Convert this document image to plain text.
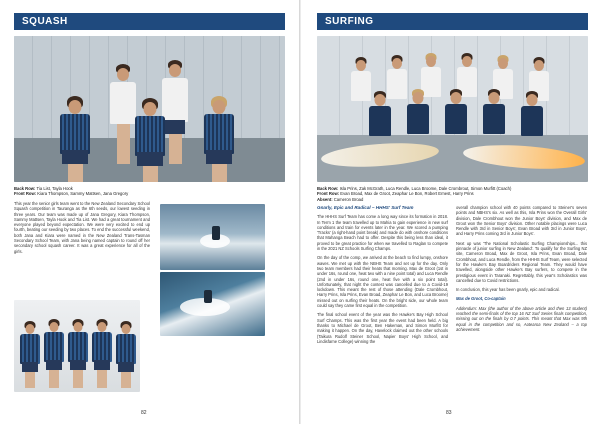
SQUASH
Back Row: Tia List, Tayla Hook
Front Row: Kiara Thompson, Sammy Mattsen, Jana Gregory

This year the senior girls team went to the New Zealand Secondary School Squash competition in Tauranga as the 6th seeds, our lowest seeding in three years. Our team was made up of Jana Gregory, Kiara Thompson, Sammy Mattsen, Tayla Hook and Tia List. We had a great tournament and everyone played beyond expectation. We were very excited to end up fourth, beating our seeding by two places. To end the successful weekend, both Jana and Kiara were named in the New Zealand Trans-Tasman Secondary School Team, with Jana being named captain to round off her secondary school squash career. It was a great experience for all of the girls.

82
SURFING
Back Row: Isla Prins, Zak McGrath, Luca Rendle, Luca Broome, Dale Crombrout, Simon Murfitt (Coach)
Front Row: Evan Broad, Max de Groot, Zeaphar Le Bon, Robert Ernest, Harry Prins
Absent: Cameron Broad

Gnarly, Epic and Radical – HHHS' Surf Team

The HHHS Surf Team has come a long way since its formation in 2018. In Term 1 the team travelled up to Mahia to gain experience in new surf conditions and train for events later in the year. We scored a pumping 'Tracks' (a right-hand point break) and made do with onshore conditions that Mahanga Beach had to offer. Despite this being less than ideal, it proved to be great practice for when we travelled to Raglan to compete in the 2021 NZ Schools Surfing Champs.

On the day of the comp, we arrived at the beach to find lumpy, onshore waves. We met up with the NBHS Team and set up for the day. Only two team members had their heats that morning. Max de Groot (1st in under 16s, round one, heat two with a nine point total) and Luca Rendle (2nd in under 16s, round one, heat five with a six point total). Unfortunately, that night the contest was cancelled due to a Covid-19 lockdown. This meant the rest of those attending (Dale Crombhout, Harry Prins, Isla Prins, Evan Broad, Zeaphar Le Bon, and Luca Broome) missed out on surfing their heats. On the bright side, our whole team could say they came first equal in the competition.

The final school event of the year was the Hawke's Bay High School Surf Champs. This was the first year the event had been held. A big thanks to Michael de Groot, Ben Hakeman, and Simon Murfitt for making it happen. On the day, Havelock claimed out the other schools (Taikura Rudolf Steiner School, Napier Boys' High School, and Lindisfarne College) winning the

overall champion school with 40 points compared to Steiner's seven points and NBHS's six. As well as this, Isla Prins won the Overall Girls' division, Dale Crombhout won the Junior Boys' division, and Max de Groot won the Senior Boys' division. Other notable placings were Luca Rendle with 3rd in Senior Boys', Evan Broad with 3rd in Junior Boys', and Harry Prins coming 3rd in Junior Boys'.

Next up was 'The National Scholastic Surfing Championships... this pinnacle of junior surfing in New Zealand'. To qualify for the Surfing NZ site, Cameron Broad, Max de Groot, Isla Prins, Evan Broad, Dale Crombhout, and Luca Rendle, from the HHHS Surf Team, were selected for the Hawke's Bay Boardriders Regional Team. They would have travelled, alongside other Hawke's Bay surfers, to compete in the prestigious event in Taranaki. Regrettably, this year's Scholastics was cancelled due to Covid restrictions.

In conclusion, this year has been gnarly, epic and radical.

Max de Groot, Co-captain

Addendum: Max (the author of the above article and then 13 student) reached the semi-finals of the top 16 NZ Surf Series finals competition, missing out on the finals by 0.7 points. This meant that Max was 9th equal in the competition and so, Aotearoa New Zealand – a top achievement.

83
